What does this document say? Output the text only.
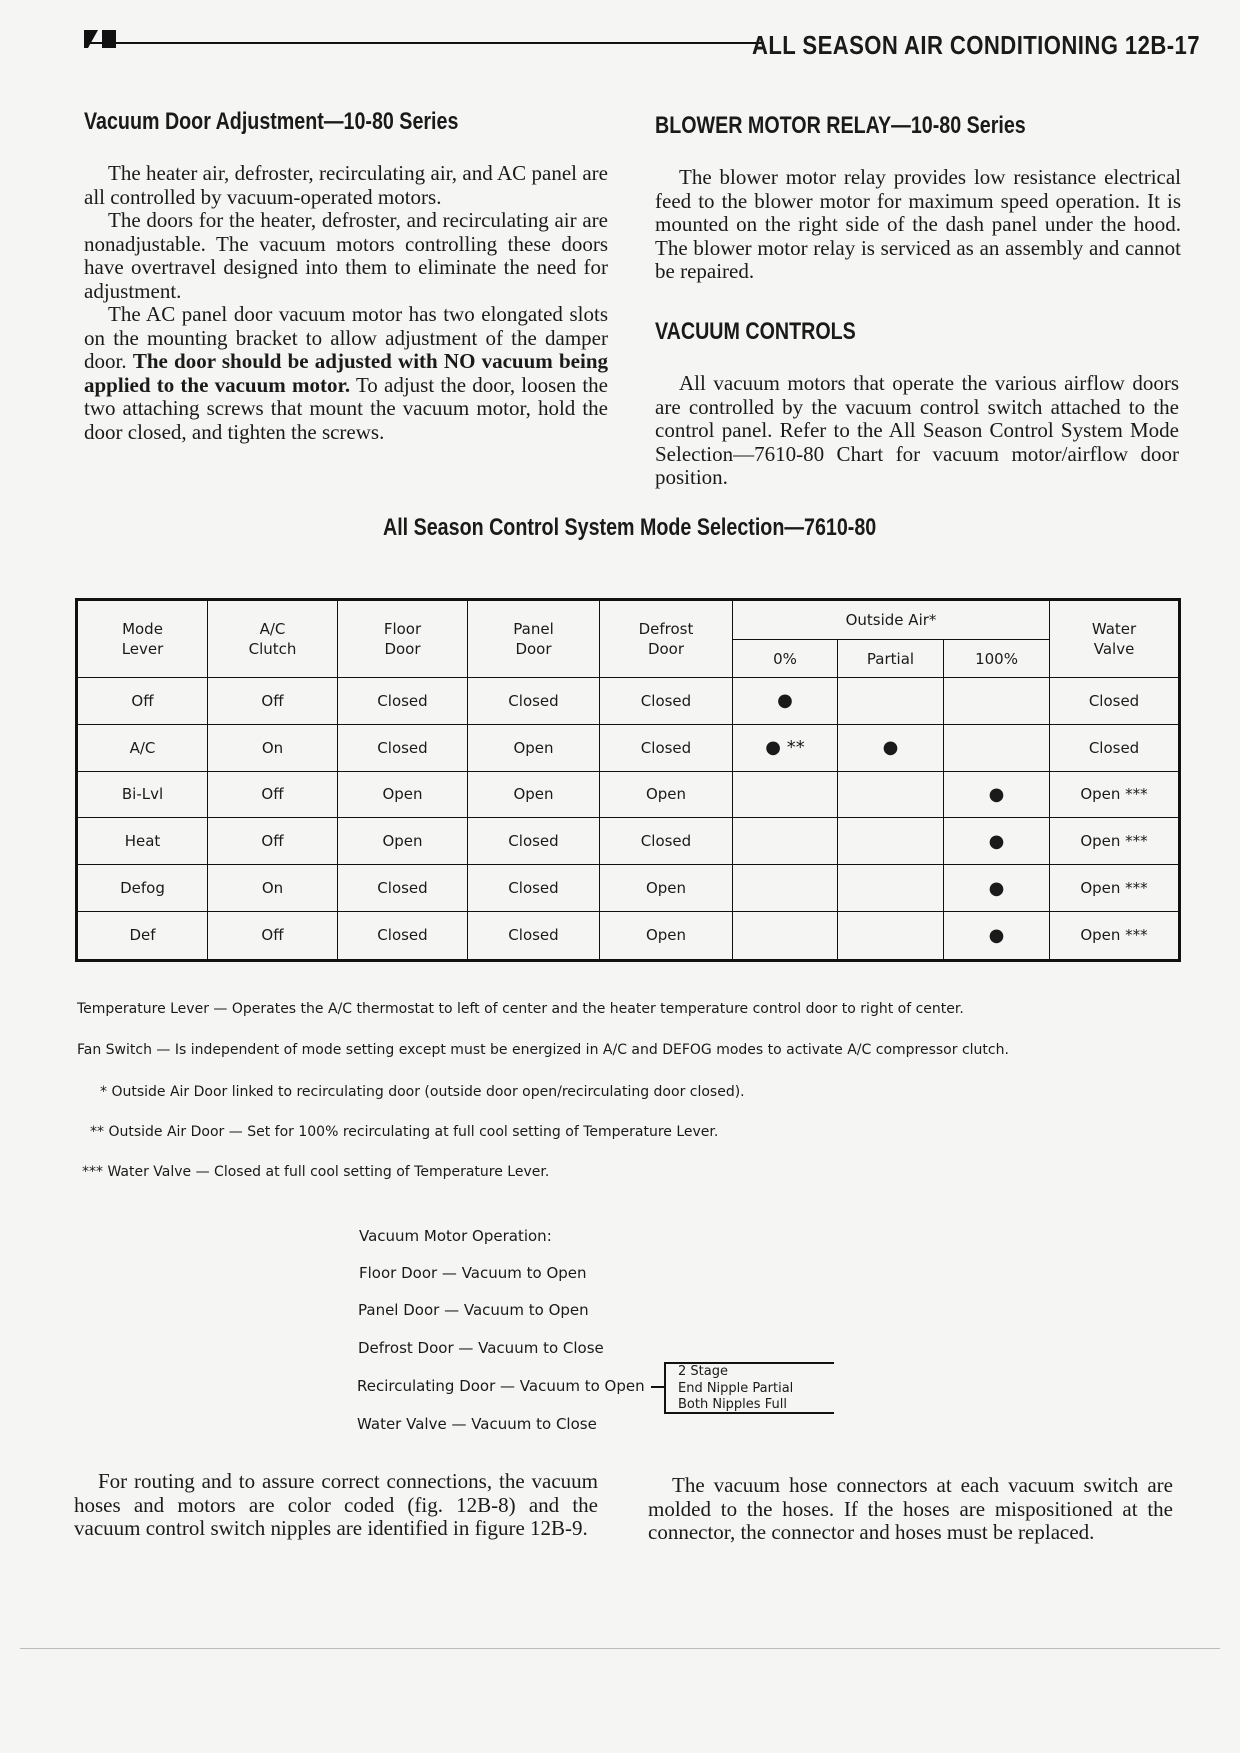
ALL SEASON AIR CONDITIONING 12B-17
Vacuum Door Adjustment—10-80 Series

The heater air, defroster, recirculating air, and AC panel are all controlled by vacuum-operated motors.

The doors for the heater, defroster, and recirculating air are nonadjustable. The vacuum motors controlling these doors have overtravel designed into them to eliminate the need for adjustment.

The AC panel door vacuum motor has two elongated slots on the mounting bracket to allow adjustment of the damper door. The door should be adjusted with NO vacuum being applied to the vacuum motor. To adjust the door, loosen the two attaching screws that mount the vacuum motor, hold the door closed, and tighten the screws.

BLOWER MOTOR RELAY—10-80 Series

The blower motor relay provides low resistance electrical feed to the blower motor for maximum speed operation. It is mounted on the right side of the dash panel under the hood. The blower motor relay is serviced as an assembly and cannot be repaired.

VACUUM CONTROLS

All vacuum motors that operate the various airflow doors are controlled by the vacuum control switch attached to the control panel. Refer to the All Season Control System Mode Selection—7610-80 Chart for vacuum motor/airflow door position.

All Season Control System Mode Selection—7610-80
Mode Lever	A/C Clutch	Floor Door	Panel Door	Defrost Door	Outside Air*			Water Valve
					0%	Partial	100%	
Off	Off	Closed	Closed	Closed	●			Closed
A/C	On	Closed	Open	Closed	● **	●		Closed
Bi-Lvl	Off	Open	Open	Open			●	Open ***
Heat	Off	Open	Closed	Closed			●	Open ***
Defog	On	Closed	Closed	Open			●	Open ***
Def	Off	Closed	Closed	Open			●	Open ***
Temperature Lever — Operates the A/C thermostat to left of center and the heater temperature control door to right of center.
Fan Switch — Is independent of mode setting except must be energized in A/C and DEFOG modes to activate A/C compressor clutch.
* Outside Air Door linked to recirculating door (outside door open/recirculating door closed).
** Outside Air Door — Set for 100% recirculating at full cool setting of Temperature Lever.
*** Water Valve — Closed at full cool setting of Temperature Lever.
Vacuum Motor Operation:
Floor Door — Vacuum to Open
Panel Door — Vacuum to Open
Defrost Door — Vacuum to Close
Recirculating Door — Vacuum to Open
Water Valve — Vacuum to Close
2 Stage
End Nipple Partial
Both Nipples Full

For routing and to assure correct connections, the vacuum hoses and motors are color coded (fig. 12B-8) and the vacuum control switch nipples are identified in figure 12B-9.

The vacuum hose connectors at each vacuum switch are molded to the hoses. If the hoses are mispositioned at the connector, the connector and hoses must be replaced.
